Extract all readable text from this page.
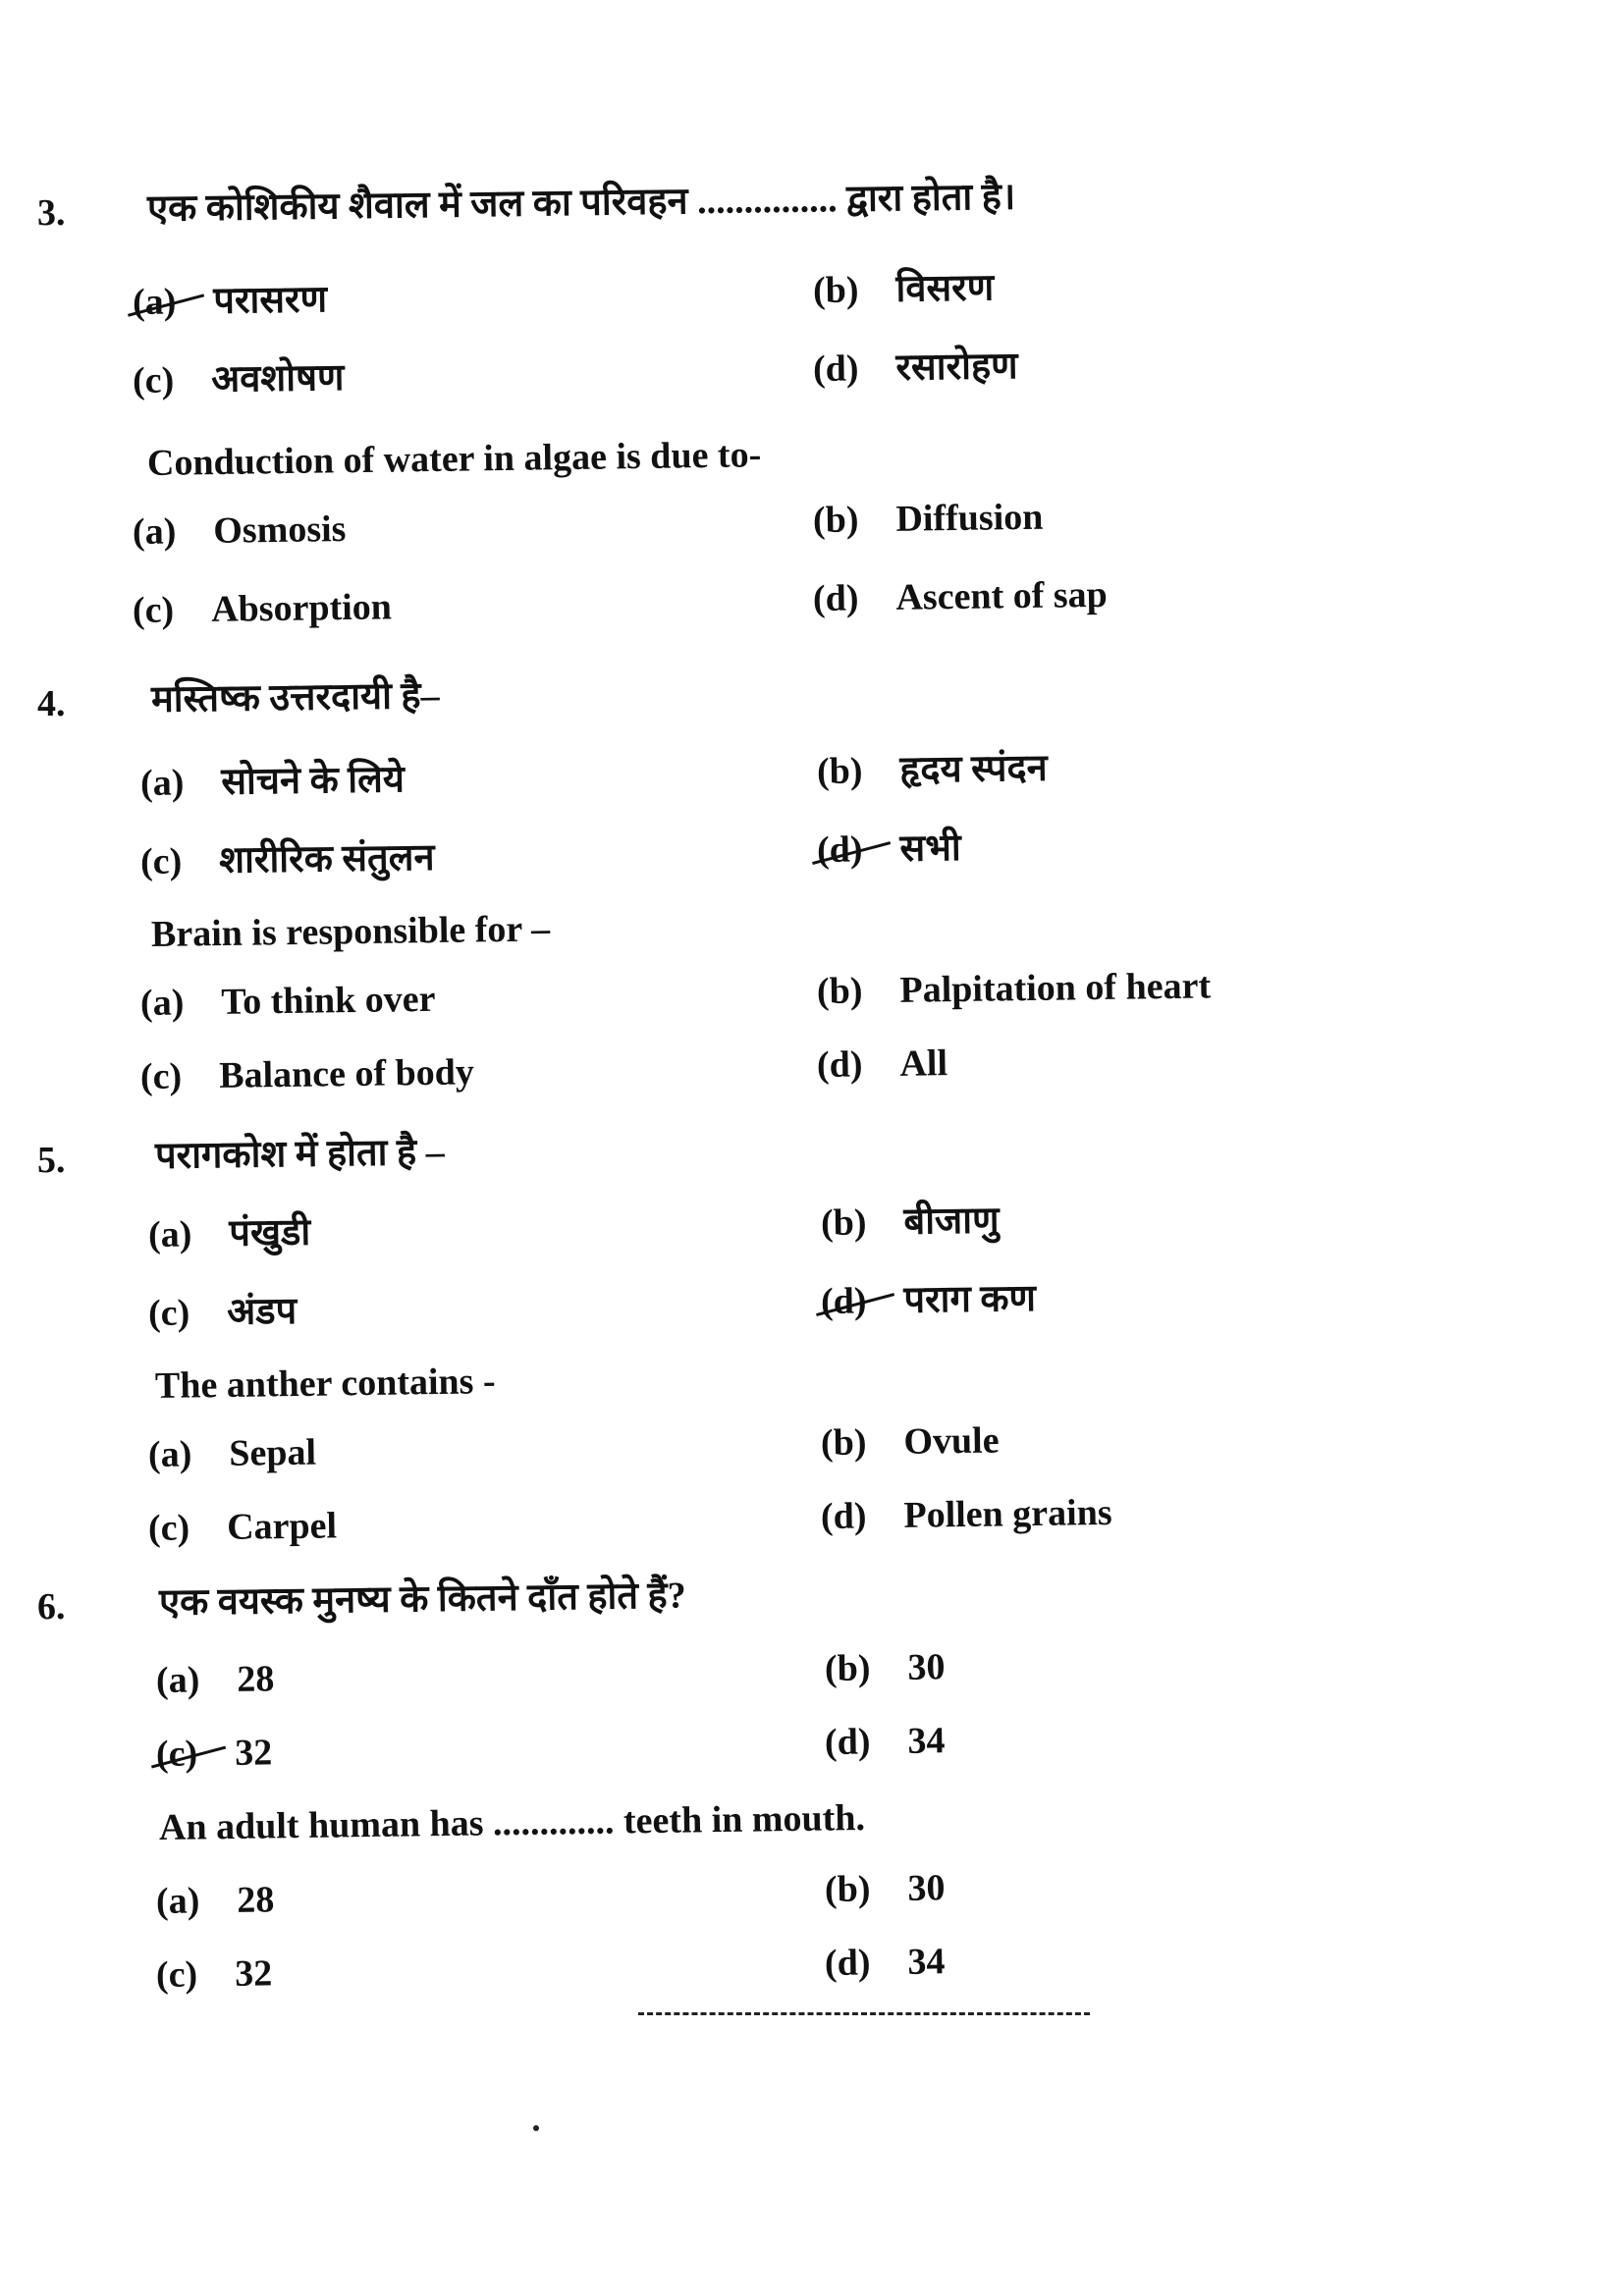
3. एक कोशिकीय शैवाल में जल का परिवहन ............... द्वारा होता है।
(a) परासरण	(b) विसरण
(c) अवशोषण	(d) रसारोहण
Conduction of water in algae is due to-
(a) Osmosis	(b) Diffusion
(c) Absorption	(d) Ascent of sap
4. मस्तिष्क उत्तरदायी है–
(a) सोचने के लिये	(b) हृदय स्पंदन
(c) शारीरिक संतुलन	(d) सभी
Brain is responsible for –
(a) To think over	(b) Palpitation of heart
(c) Balance of body	(d) All
5. परागकोश में होता है –
(a) पंखुडी	(b) बीजाणु
(c) अंडप	(d) पराग कण
The anther contains -
(a) Sepal	(b) Ovule
(c) Carpel	(d) Pollen grains
6.	एक वयस्क मुनष्य के कितने दाँत होते हैं?
(a) 28	(b) 30
(c) 32	(d) 34
An adult human has ............. teeth in mouth.
(a) 28	(b) 30
(c) 32	(d) 34
